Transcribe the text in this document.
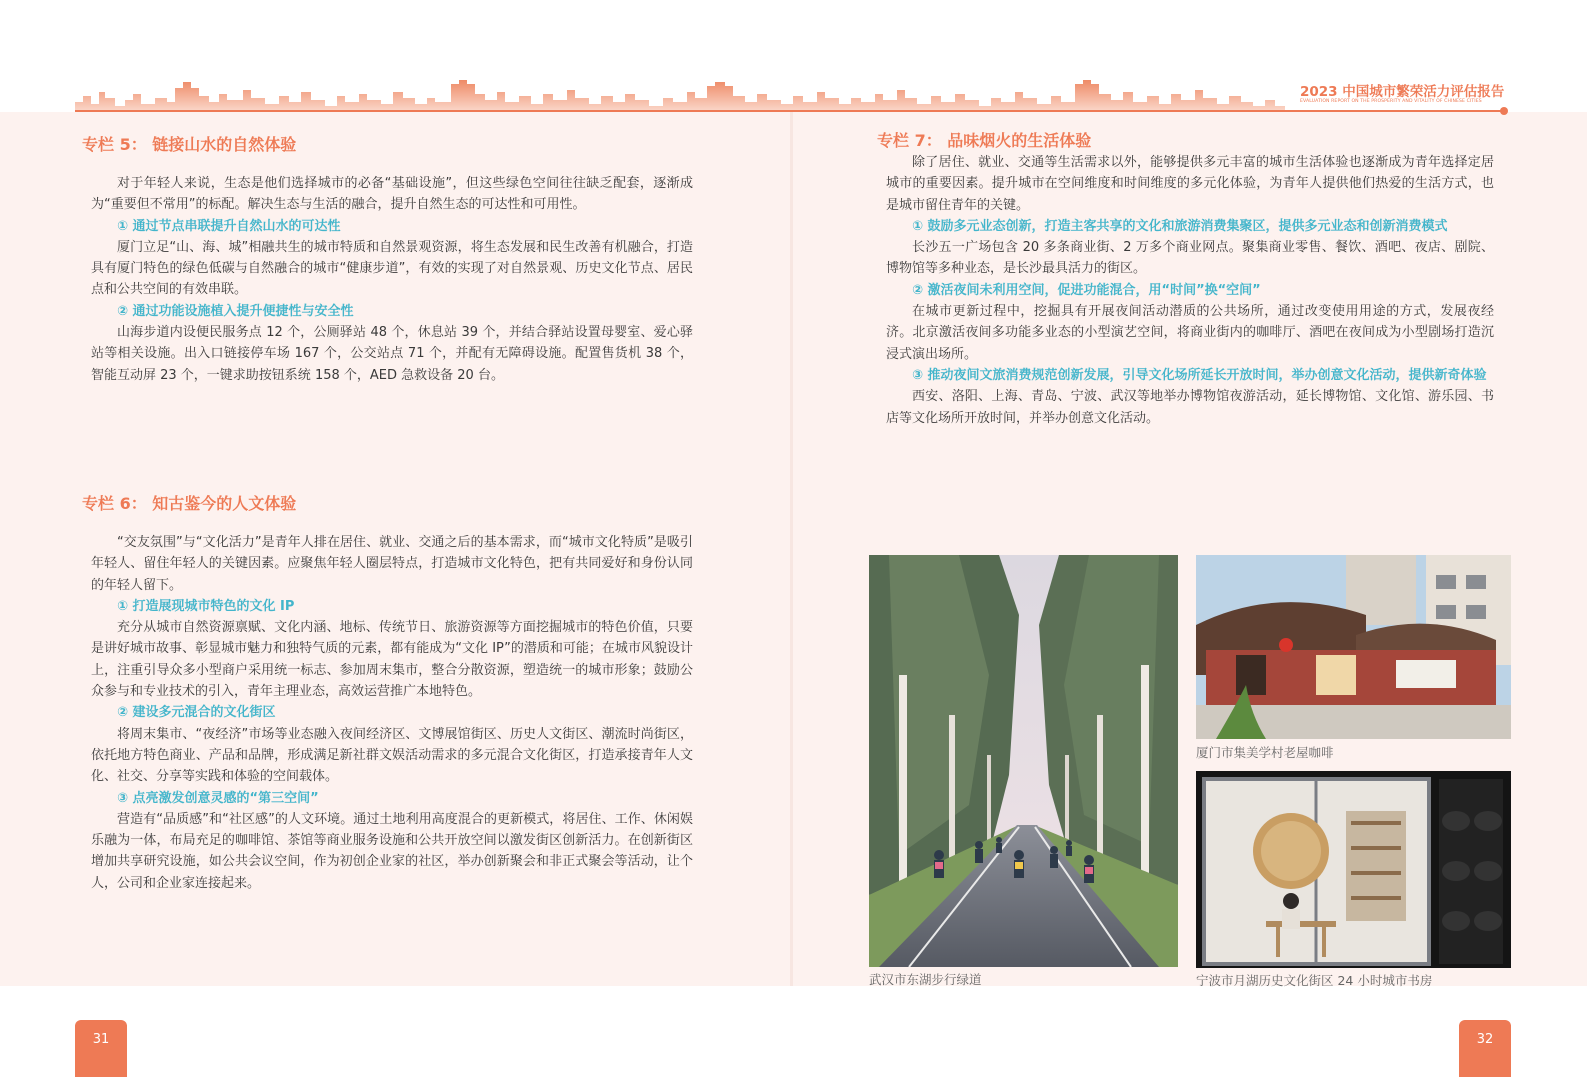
2023 中国城市繁荣活力评估报告
EVALUATION REPORT ON THE PROSPERITY AND VITALITY OF CHINESE CITIES
专栏 5： 链接山水的自然体验

对于年轻人来说，生态是他们选择城市的必备“基础设施”，但这些绿色空间往往缺乏配套，逐渐成为“重要但不常用”的标配。解决生态与生活的融合，提升自然生态的可达性和可用性。

① 通过节点串联提升自然山水的可达性

厦门立足“山、海、城”相融共生的城市特质和自然景观资源，将生态发展和民生改善有机融合，打造具有厦门特色的绿色低碳与自然融合的城市“健康步道”，有效的实现了对自然景观、历史文化节点、居民点和公共空间的有效串联。

② 通过功能设施植入提升便捷性与安全性

山海步道内设便民服务点 12 个，公厕驿站 48 个，休息站 39 个，并结合驿站设置母婴室、爱心驿站等相关设施。出入口链接停车场 167 个，公交站点 71 个，并配有无障碍设施。配置售货机 38 个，智能互动屏 23 个，一键求助按钮系统 158 个，AED 急救设备 20 台。

专栏 6： 知古鉴今的人文体验

“交友氛围”与“文化活力”是青年人排在居住、就业、交通之后的基本需求，而“城市文化特质”是吸引年轻人、留住年轻人的关键因素。应聚焦年轻人圈层特点，打造城市文化特色，把有共同爱好和身份认同的年轻人留下。

① 打造展现城市特色的文化 IP

充分从城市自然资源禀赋、文化内涵、地标、传统节日、旅游资源等方面挖掘城市的特色价值，只要是讲好城市故事、彰显城市魅力和独特气质的元素，都有能成为“文化 IP”的潜质和可能；在城市风貌设计上，注重引导众多小型商户采用统一标志、参加周末集市，整合分散资源，塑造统一的城市形象；鼓励公众参与和专业技术的引入，青年主理业态，高效运营推广本地特色。

② 建设多元混合的文化街区

将周末集市、“夜经济”市场等业态融入夜间经济区、文博展馆街区、历史人文街区、潮流时尚街区，依托地方特色商业、产品和品牌，形成满足新社群文娱活动需求的多元混合文化街区，打造承接青年人文化、社交、分享等实践和体验的空间载体。

③ 点亮激发创意灵感的“第三空间”

营造有“品质感”和“社区感”的人文环境。通过土地利用高度混合的更新模式，将居住、工作、休闲娱乐融为一体，布局充足的咖啡馆、茶馆等商业服务设施和公共开放空间以激发街区创新活力。在创新街区增加共享研究设施，如公共会议空间，作为初创企业家的社区，举办创新聚会和非正式聚会等活动，让个人，公司和企业家连接起来。

专栏 7： 品味烟火的生活体验

除了居住、就业、交通等生活需求以外，能够提供多元丰富的城市生活体验也逐渐成为青年选择定居城市的重要因素。提升城市在空间维度和时间维度的多元化体验，为青年人提供他们热爱的生活方式，也是城市留住青年的关键。

① 鼓励多元业态创新，打造主客共享的文化和旅游消费集聚区，提供多元业态和创新消费模式

长沙五一广场包含 20 多条商业街、2 万多个商业网点。聚集商业零售、餐饮、酒吧、夜店、剧院、博物馆等多种业态，是长沙最具活力的街区。

② 激活夜间未利用空间，促进功能混合，用“时间”换“空间”

在城市更新过程中，挖掘具有开展夜间活动潜质的公共场所，通过改变使用用途的方式，发展夜经济。北京激活夜间多功能多业态的小型演艺空间，将商业街内的咖啡厅、酒吧在夜间成为小型剧场打造沉浸式演出场所。

③ 推动夜间文旅消费规范创新发展，引导文化场所延长开放时间，举办创意文化活动，提供新奇体验

西安、洛阳、上海、青岛、宁波、武汉等地举办博物馆夜游活动，延长博物馆、文化馆、游乐园、书店等文化场所开放时间，并举办创意文化活动。

武汉市东湖步行绿道
厦门市集美学村老屋咖啡
宁波市月湖历史文化街区 24 小时城市书房
31	32
